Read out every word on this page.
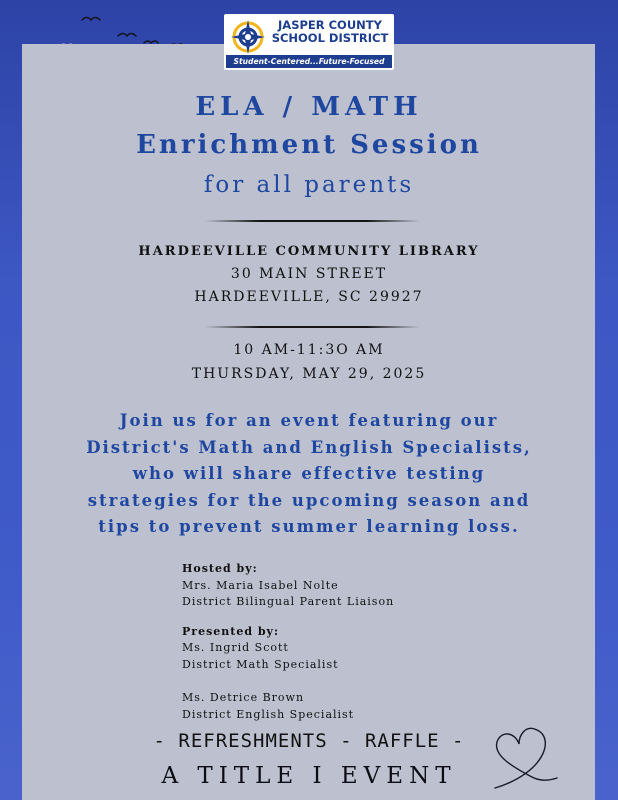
JASPER COUNTY
SCHOOL DISTRICT
Student-Centered...Future-Focused
ELA / MATH
Enrichment Session
for all parents
HARDEEVILLE COMMUNITY LIBRARY
30 MAIN STREET
HARDEEVILLE, SC 29927
10 AM-11:3O AM
THURSDAY, MAY 29, 2025
Join us for an event featuring our
District's Math and English Specialists,
who will share effective testing
strategies for the upcoming season and
tips to prevent summer learning loss.
Hosted by:
Mrs. Maria Isabel Nolte
District Bilingual Parent Liaison
Presented by:
Ms. Ingrid Scott
District Math Specialist
Ms. Detrice Brown
District English Specialist
- REFRESHMENTS - RAFFLE -
A TITLE I EVENT
